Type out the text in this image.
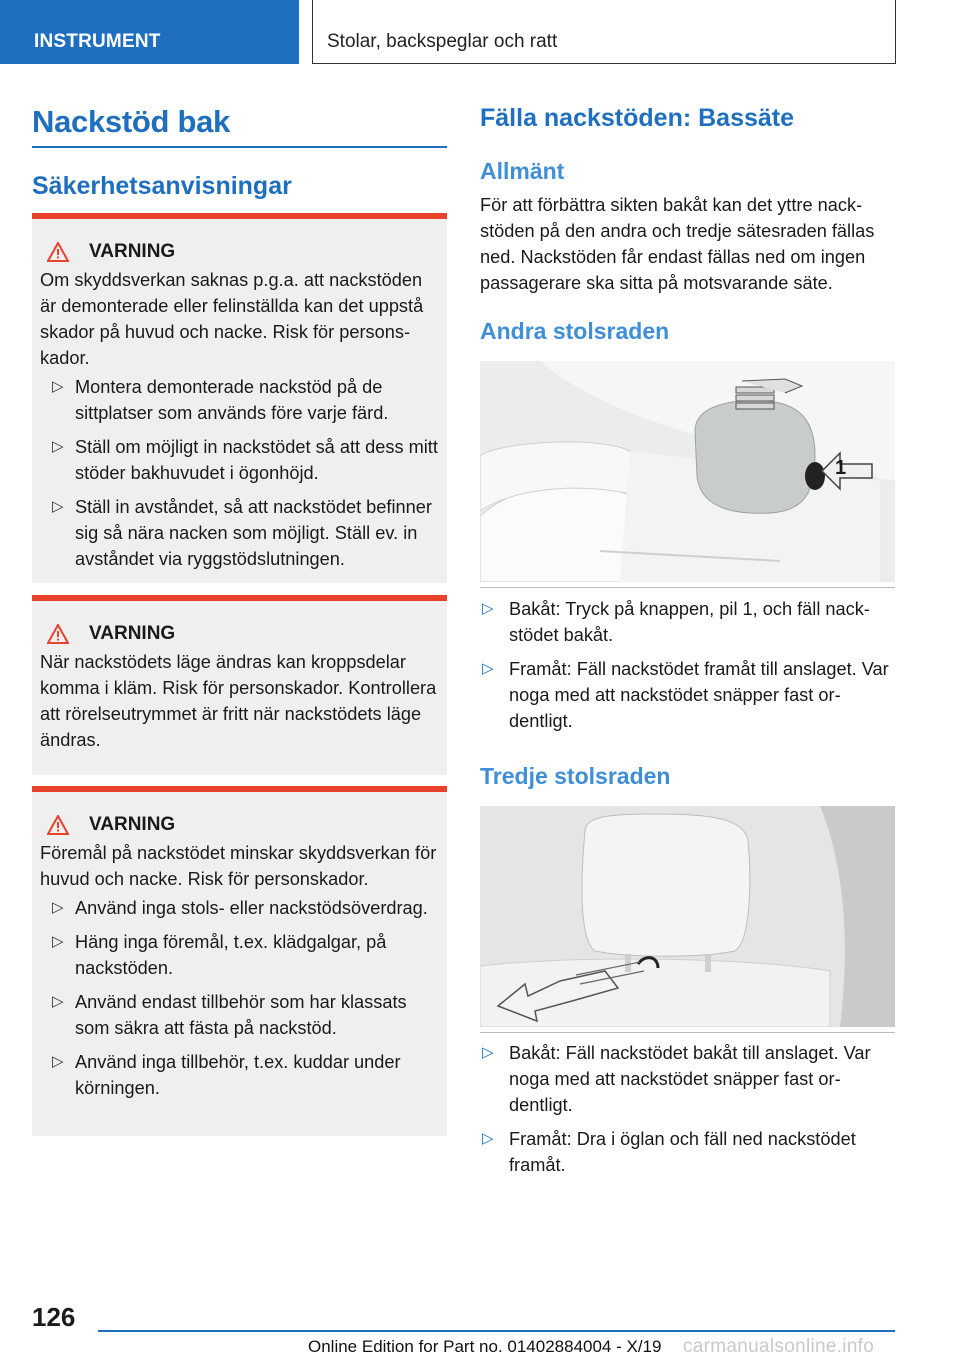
INSTRUMENT	Stolar, backspeglar och ratt
Nackstöd bak
Säkerhetsanvisningar
VARNING

Om skyddsverkan saknas p.g.a. att nackstöden är demonterade eller felinställda kan det uppstå skador på huvud och nacke. Risk för personskador.

▷ Montera demonterade nackstöd på de sittplatser som används före varje färd.
▷ Ställ om möjligt in nackstödet så att dess mitt stöder bakhuvudet i ögonhöjd.
▷ Ställ in avståndet, så att nackstödet befinner sig så nära nacken som möjligt. Ställ ev. in avståndet via ryggstödslutningen.
VARNING

När nackstödets läge ändras kan kroppsdelar komma i kläm. Risk för personskador. Kontrollera att rörelseutrymmet är fritt när nackstödets läge ändras.

VARNING

Föremål på nackstödet minskar skyddsverkan för huvud och nacke. Risk för personskador.

▷ Använd inga stols- eller nackstödsöverdrag.
▷ Häng inga föremål, t.ex. klädgalgar, på nackstöden.
▷ Använd endast tillbehör som har klassats som säkra att fästa på nackstöd.
▷ Använd inga tillbehör, t.ex. kuddar under körningen.
Fälla nackstöden: Bassäte
Allmänt
För att förbättra sikten bakåt kan det yttre nackstöden på den andra och tredje sätesraden fällas ned. Nackstöden får endast fällas ned om ingen passagerare ska sitta på motsvarande säte.
Andra stolsraden
1
▷ Bakåt: Tryck på knappen, pil 1, och fäll nackstödet bakåt.
▷ Framåt: Fäll nackstödet framåt till anslaget. Var noga med att nackstödet snäpper fast ordentligt.
Tredje stolsraden
▷ Bakåt: Fäll nackstödet bakåt till anslaget. Var noga med att nackstödet snäpper fast ordentligt.
▷ Framåt: Dra i öglan och fäll ned nackstödet framåt.
126
Online Edition for Part no. 01402884004 - X/19 carmanualsonline.info
